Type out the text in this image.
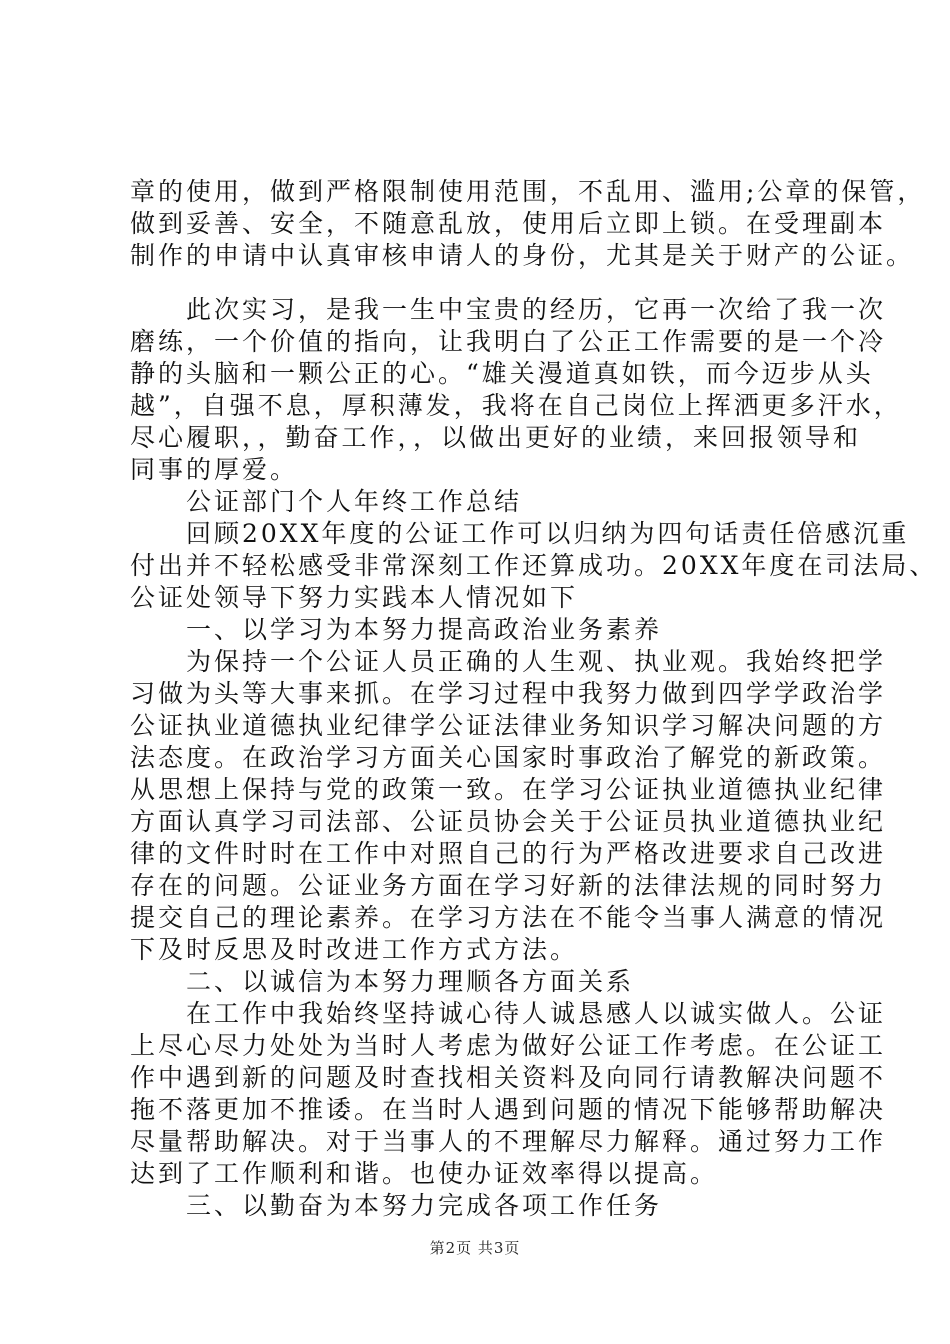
章的使用，做到严格限制使用范围，不乱用、滥用;公章的保管，
做到妥善、安全，不随意乱放，使用后立即上锁。在受理副本
制作的申请中认真审核申请人的身份，尤其是关于财产的公证。
　　此次实习，是我一生中宝贵的经历，它再一次给了我一次
磨练，一个价值的指向，让我明白了公正工作需要的是一个冷
静的头脑和一颗公正的心。“雄关漫道真如铁，而今迈步从头
越”，自强不息，厚积薄发，我将在自己岗位上挥洒更多汗水，
尽心履职，，勤奋工作，，以做出更好的业绩，来回报领导和
同事的厚爱。
　　公证部门个人年终工作总结
　　回顾20XX年度的公证工作可以归纳为四句话责任倍感沉重
付出并不轻松感受非常深刻工作还算成功。20XX年度在司法局、
公证处领导下努力实践本人情况如下
　　一、以学习为本努力提高政治业务素养
　　为保持一个公证人员正确的人生观、执业观。我始终把学
习做为头等大事来抓。在学习过程中我努力做到四学学政治学
公证执业道德执业纪律学公证法律业务知识学习解决问题的方
法态度。在政治学习方面关心国家时事政治了解党的新政策。
从思想上保持与党的政策一致。在学习公证执业道德执业纪律
方面认真学习司法部、公证员协会关于公证员执业道德执业纪
律的文件时时在工作中对照自己的行为严格改进要求自己改进
存在的问题。公证业务方面在学习好新的法律法规的同时努力
提交自己的理论素养。在学习方法在不能令当事人满意的情况
下及时反思及时改进工作方式方法。
　　二、以诚信为本努力理顺各方面关系
　　在工作中我始终坚持诚心待人诚恳感人以诚实做人。公证
上尽心尽力处处为当时人考虑为做好公证工作考虑。在公证工
作中遇到新的问题及时查找相关资料及向同行请教解决问题不
拖不落更加不推诿。在当时人遇到问题的情况下能够帮助解决
尽量帮助解决。对于当事人的不理解尽力解释。通过努力工作
达到了工作顺利和谐。也使办证效率得以提高。
　　三、以勤奋为本努力完成各项工作任务
第2页 共3页
